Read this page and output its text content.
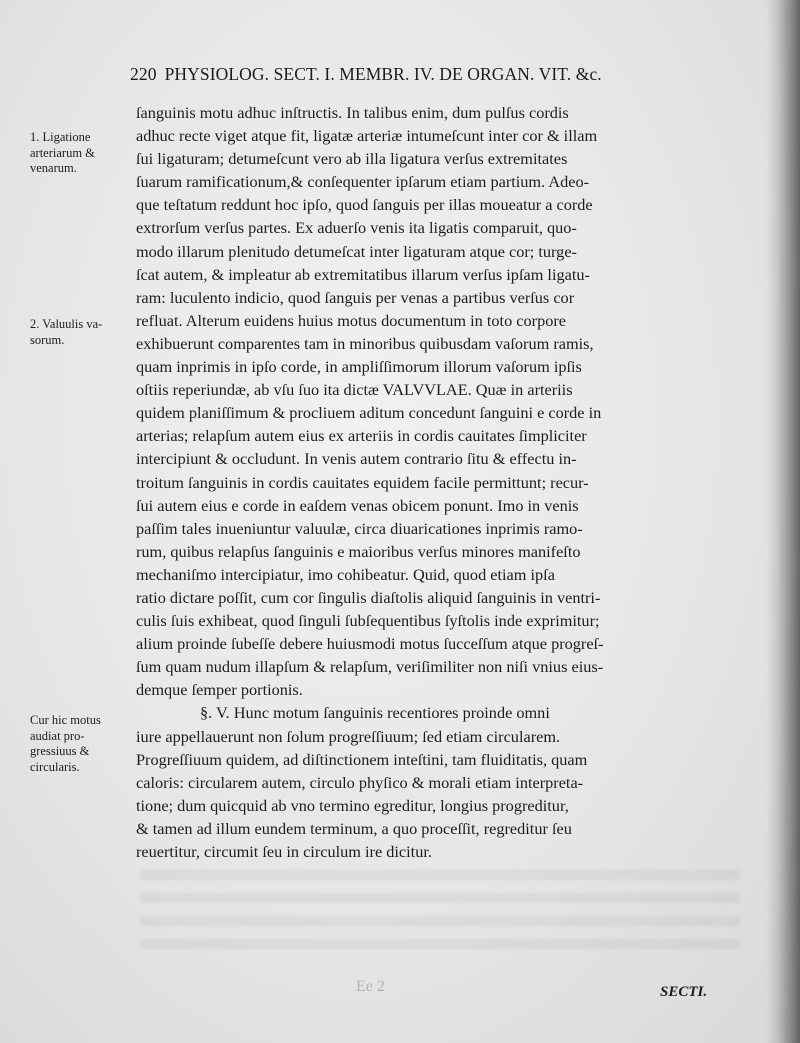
220 PHYSIOLOG. SECT. I. MEMBR. IV. DE ORGAN. VIT. &c.
1. Ligatione
arteriarum &
venarum.
2. Valuulis va-
sorum.
Cur hic motus
audiat pro-
gressiuus &
circularis.
ſanguinis motu adhuc inſtructis. In talibus enim, dum pulſus cordis
adhuc recte viget atque fit, ligatæ arteriæ intumeſcunt inter cor & illam
ſui ligaturam; detumeſcunt vero ab illa ligatura verſus extremitates
ſuarum ramificationum,& conſequenter ipſarum etiam partium. Adeo-
que teſtatum reddunt hoc ipſo, quod ſanguis per illas moueatur a corde
extrorſum verſus partes. Ex aduerſo venis ita ligatis comparuit, quo-
modo illarum plenitudo detumeſcat inter ligaturam atque cor; turge-
ſcat autem, & impleatur ab extremitatibus illarum verſus ipſam ligatu-
ram: luculento indicio, quod ſanguis per venas a partibus verſus cor
refluat. Alterum euidens huius motus documentum in toto corpore
exhibuerunt comparentes tam in minoribus quibusdam vaſorum ramis,
quam inprimis in ipſo corde, in ampliſſimorum illorum vaſorum ipſis
oſtiis reperiundæ, ab vſu ſuo ita dictæ VALVVLAE. Quæ in arteriis
quidem planiſſimum & procliuem aditum concedunt ſanguini e corde in
arterias; relapſum autem eius ex arteriis in cordis cauitates ſimpliciter
intercipiunt & occludunt. In venis autem contrario ſitu & effectu in-
troitum ſanguinis in cordis cauitates equidem facile permittunt; recur-
ſui autem eius e corde in eaſdem venas obicem ponunt. Imo in venis
paſſim tales inueniuntur valuulæ, circa diuaricationes inprimis ramo-
rum, quibus relapſus ſanguinis e maioribus verſus minores manifeſto
mechaniſmo intercipiatur, imo cohibeatur. Quid, quod etiam ipſa
ratio dictare poſſit, cum cor ſingulis diaſtolis aliquid ſanguinis in ventri-
culis ſuis exhibeat, quod ſinguli ſubſequentibus ſyſtolis inde exprimitur;
alium proinde ſubeſſe debere huiusmodi motus ſucceſſum atque progreſ-
ſum quam nudum illapſum & relapſum, veriſimiliter non niſi vnius eius-
demque ſemper portionis.
§. V. Hunc motum ſanguinis recentiores proinde omni
iure appellauerunt non ſolum progreſſiuum; ſed etiam circularem.
Progreſſiuum quidem, ad diſtinctionem inteſtini, tam fluiditatis, quam
caloris: circularem autem, circulo phyſico & morali etiam interpreta-
tione; dum quicquid ab vno termino egreditur, longius progreditur,
& tamen ad illum eundem terminum, a quo proceſſit, regreditur ſeu
reuertitur, circumit ſeu in circulum ire dicitur.
Ee 2	SECTI.
